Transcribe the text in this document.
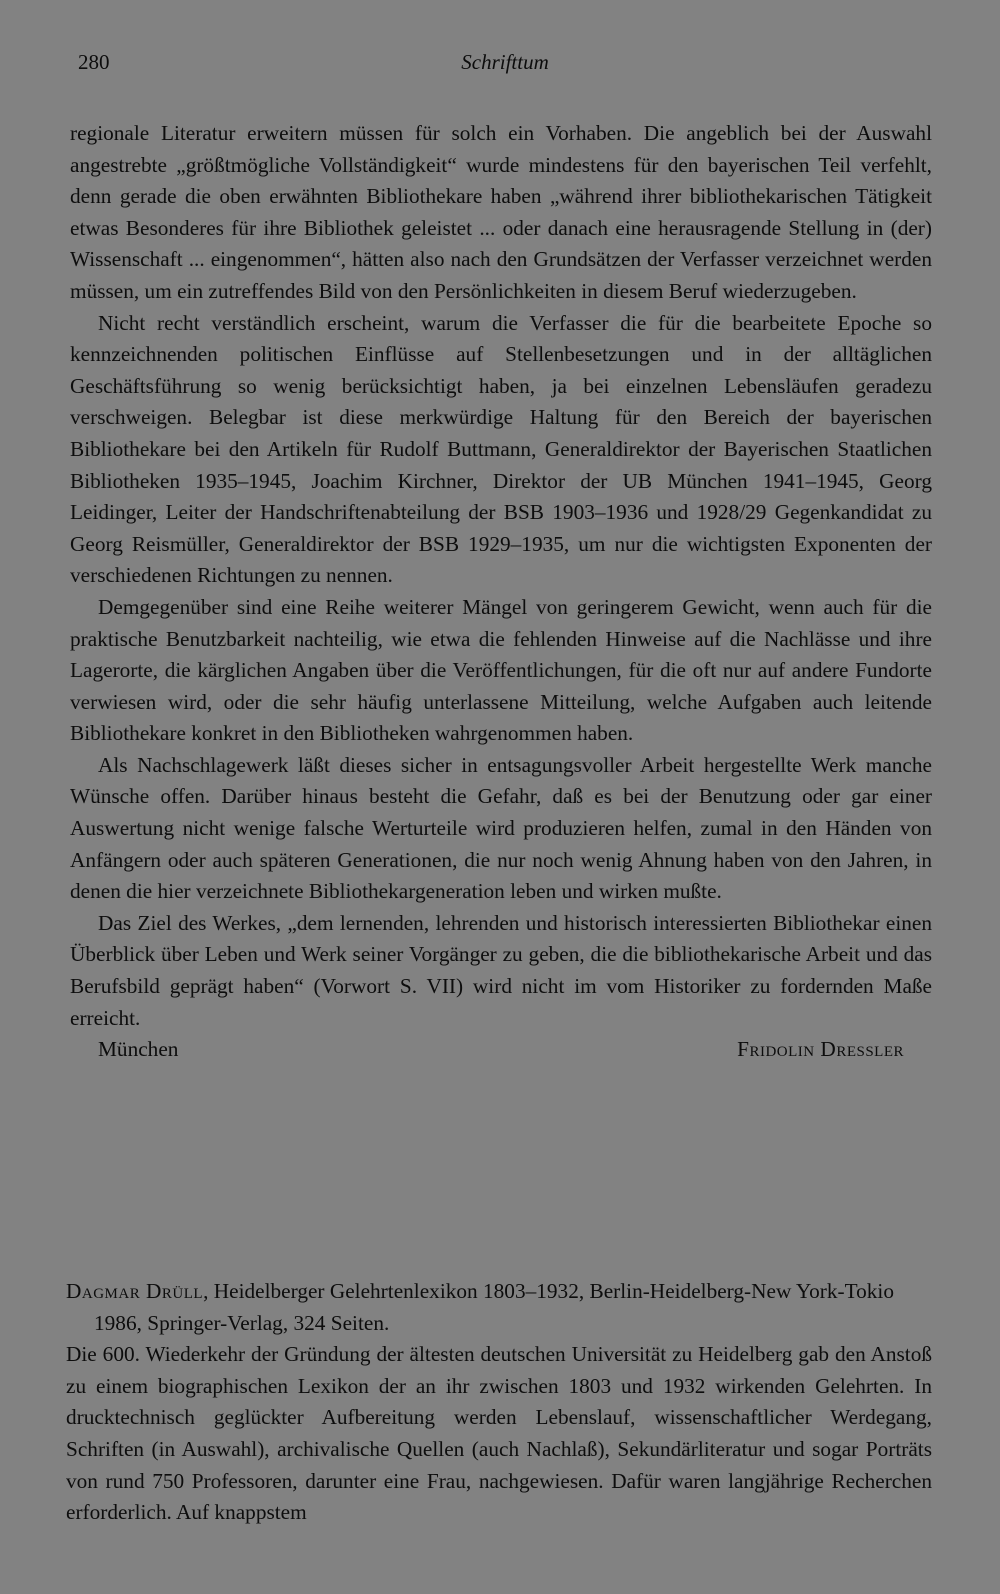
280	Schrifttum

regionale Literatur erweitern müssen für solch ein Vorhaben. Die angeblich bei der Auswahl angestrebte „größtmögliche Vollständigkeit“ wurde mindestens für den bayerischen Teil verfehlt, denn gerade die oben erwähnten Bibliothekare haben „während ihrer bibliothekarischen Tätigkeit etwas Besonderes für ihre Bibliothek geleistet ... oder danach eine herausragende Stellung in (der) Wissenschaft ... eingenommen“, hätten also nach den Grundsätzen der Verfasser verzeichnet werden müssen, um ein zutreffendes Bild von den Persönlichkeiten in diesem Beruf wiederzugeben.

Nicht recht verständlich erscheint, warum die Verfasser die für die bearbeitete Epoche so kennzeichnenden politischen Einflüsse auf Stellenbesetzungen und in der alltäglichen Geschäftsführung so wenig berücksichtigt haben, ja bei einzelnen Lebensläufen geradezu verschweigen. Belegbar ist diese merkwürdige Haltung für den Bereich der bayerischen Bibliothekare bei den Artikeln für Rudolf Buttmann, Generaldirektor der Bayerischen Staatlichen Bibliotheken 1935–1945, Joachim Kirchner, Direktor der UB München 1941–1945, Georg Leidinger, Leiter der Handschriftenabteilung der BSB 1903–1936 und 1928/29 Gegenkandidat zu Georg Reismüller, Generaldirektor der BSB 1929–1935, um nur die wichtigsten Exponenten der verschiedenen Richtungen zu nennen.

Demgegenüber sind eine Reihe weiterer Mängel von geringerem Gewicht, wenn auch für die praktische Benutzbarkeit nachteilig, wie etwa die fehlenden Hinweise auf die Nachlässe und ihre Lagerorte, die kärglichen Angaben über die Veröffentlichungen, für die oft nur auf andere Fundorte verwiesen wird, oder die sehr häufig unterlassene Mitteilung, welche Aufgaben auch leitende Bibliothekare konkret in den Bibliotheken wahrgenommen haben.

Als Nachschlagewerk läßt dieses sicher in entsagungsvoller Arbeit hergestellte Werk manche Wünsche offen. Darüber hinaus besteht die Gefahr, daß es bei der Benutzung oder gar einer Auswertung nicht wenige falsche Werturteile wird produzieren helfen, zumal in den Händen von Anfängern oder auch späteren Generationen, die nur noch wenig Ahnung haben von den Jahren, in denen die hier verzeichnete Bibliothekargeneration leben und wirken mußte.

Das Ziel des Werkes, „dem lernenden, lehrenden und historisch interessierten Bibliothekar einen Überblick über Leben und Werk seiner Vorgänger zu geben, die die bibliothekarische Arbeit und das Berufsbild geprägt haben“ (Vorwort S. VII) wird nicht im vom Historiker zu fordernden Maße erreicht.

München	Fridolin Dressler

Dagmar Drüll, Heidelberger Gelehrtenlexikon 1803–1932, Berlin-Heidelberg-New York-Tokio 1986, Springer-Verlag, 324 Seiten.

Die 600. Wiederkehr der Gründung der ältesten deutschen Universität zu Heidelberg gab den Anstoß zu einem biographischen Lexikon der an ihr zwischen 1803 und 1932 wirkenden Gelehrten. In drucktechnisch geglückter Aufbereitung werden Lebenslauf, wissenschaftlicher Werdegang, Schriften (in Auswahl), archivalische Quellen (auch Nachlaß), Sekundärliteratur und sogar Porträts von rund 750 Professoren, darunter eine Frau, nachgewiesen. Dafür waren langjährige Recherchen erforderlich. Auf knappstem
